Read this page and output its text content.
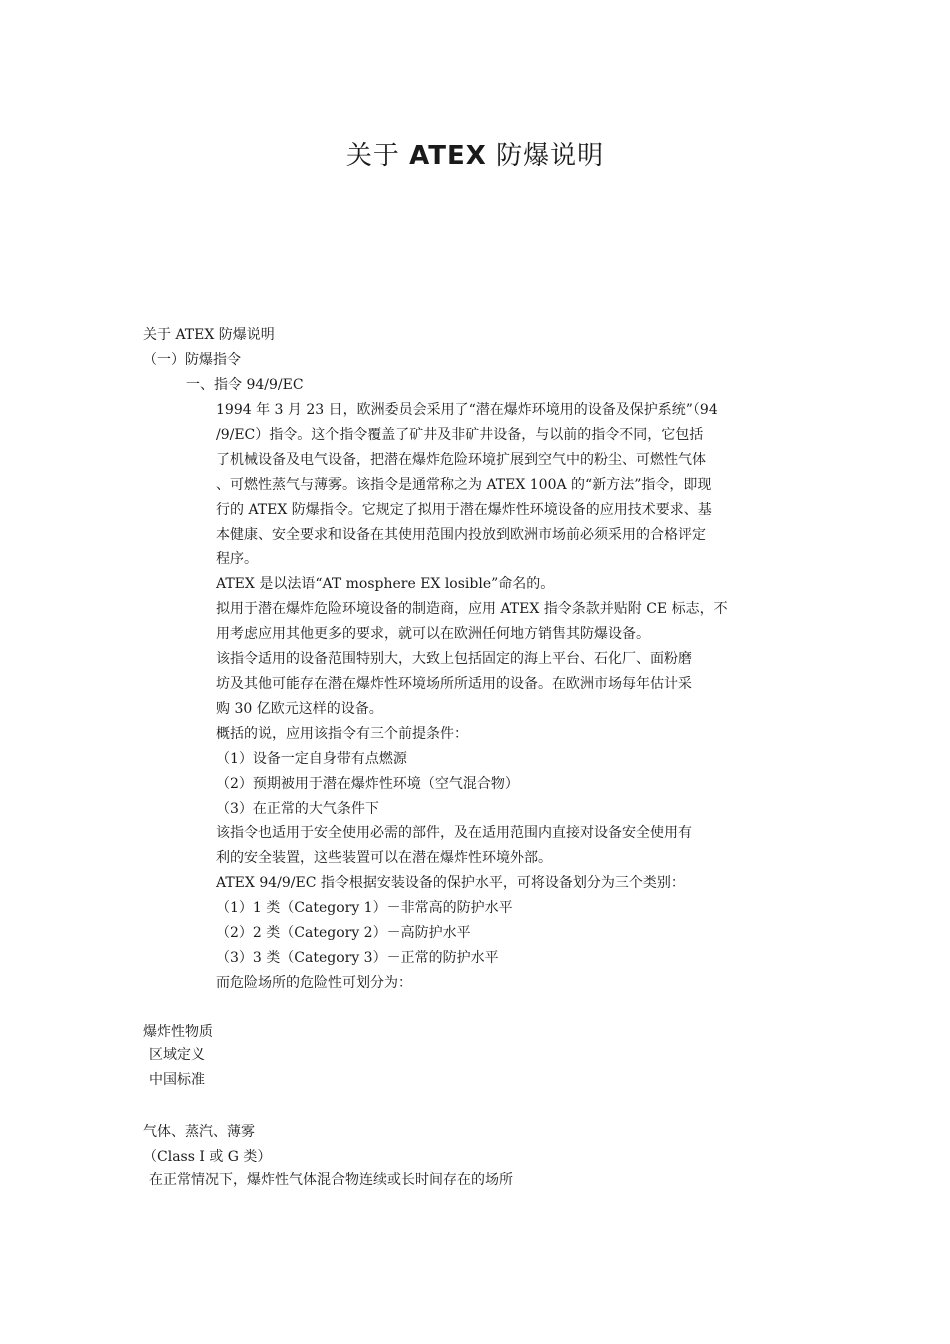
关于 ATEX 防爆说明
关于 ATEX 防爆说明
（一）防爆指令
一、指令 94/9/EC
1994 年 3 月 23 日，欧洲委员会采用了“潜在爆炸环境用的设备及保护系统”（94
/9/EC）指令。这个指令覆盖了矿井及非矿井设备，与以前的指令不同，它包括
了机械设备及电气设备，把潜在爆炸危险环境扩展到空气中的粉尘、可燃性气体
、可燃性蒸气与薄雾。该指令是通常称之为 ATEX 100A 的“新方法”指令，即现
行的 ATEX 防爆指令。它规定了拟用于潜在爆炸性环境设备的应用技术要求、基
本健康、安全要求和设备在其使用范围内投放到欧洲市场前必须采用的合格评定
程序。
ATEX 是以法语“AT mosphere EX losible”命名的。
拟用于潜在爆炸危险环境设备的制造商，应用 ATEX 指令条款并贴附 CE 标志，不
用考虑应用其他更多的要求，就可以在欧洲任何地方销售其防爆设备。
该指令适用的设备范围特别大，大致上包括固定的海上平台、石化厂、面粉磨
坊及其他可能存在潜在爆炸性环境场所所适用的设备。在欧洲市场每年估计采
购 30 亿欧元这样的设备。
概括的说，应用该指令有三个前提条件：
（1）设备一定自身带有点燃源
（2）预期被用于潜在爆炸性环境（空气混合物）
（3）在正常的大气条件下
该指令也适用于安全使用必需的部件，及在适用范围内直接对设备安全使用有
利的安全装置，这些装置可以在潜在爆炸性环境外部。
ATEX 94/9/EC 指令根据安装设备的保护水平，可将设备划分为三个类别：
（1）1 类（Category 1）－非常高的防护水平
（2）2 类（Category 2）－高防护水平
（3）3 类（Category 3）－正常的防护水平
而危险场所的危险性可划分为：
爆炸性物质
区域定义
中国标准
气体、蒸汽、薄雾
（Class I 或 G 类）
在正常情况下，爆炸性气体混合物连续或长时间存在的场所
